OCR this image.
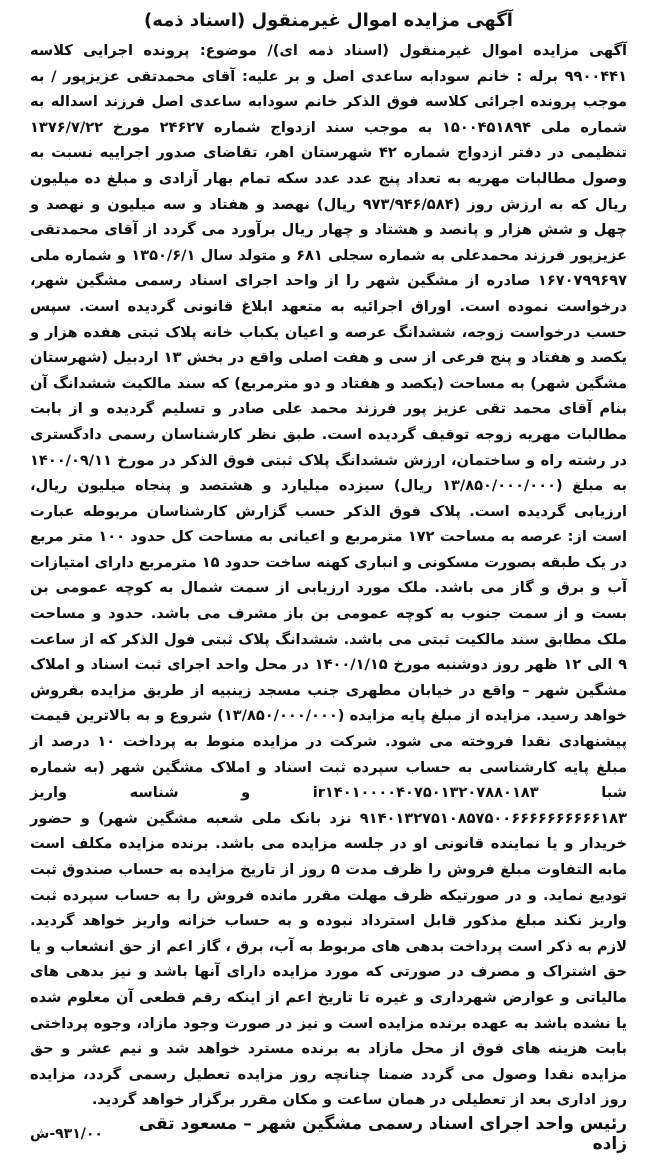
آگهی مزایده اموال غیرمنقول (اسناد ذمه)

آگهی مزایده اموال غیرمنقول (اسناد ذمه ای)/ موضوع: پرونده اجرایی کلاسه ۹۹۰۰۴۴۱ برله : خانم سودابه ساعدی اصل و بر علیه: آقای محمدتقی عزیزپور / به موجب پرونده اجرائی کلاسه فوق الذکر خانم سودابه ساعدی اصل فرزند اسداله به شماره ملی ۱۵۰۰۴۵۱۸۹۴ به موجب سند ازدواج شماره ۲۴۶۲۷ مورخ ۱۳۷۶/۷/۲۲ تنظیمی در دفتر ازدواج شماره ۴۲ شهرستان اهر، تقاضای صدور اجراییه نسبت به وصول مطالبات مهریه به تعداد پنج عدد عدد سکه تمام بهار آزادی و مبلغ ده میلیون ریال که به ارزش روز (۹۷۳/۹۴۶/۵۸۴ ریال) نهصد و هفتاد و سه میلیون و نهصد و چهل و شش هزار و پانصد و هشتاد و چهار ریال برآورد می گردد از آقای محمدتقی عزیزپور فرزند محمدعلی به شماره سجلی ۶۸۱ و متولد سال ۱۳۵۰/۶/۱ و شماره ملی ۱۶۷۰۷۹۹۶۹۷ صادره از مشگین شهر را از واحد اجرای اسناد رسمی مشگین شهر، درخواست نموده است. اوراق اجرائیه به متعهد ابلاغ قانونی گردیده است. سپس حسب درخواست زوجه، ششدانگ عرصه و اعیان یکباب خانه پلاک ثبتی هفده هزار و یکصد و هفتاد و پنج فرعی از سی و هفت اصلی واقع در بخش ۱۳ اردبیل (شهرستان مشگین شهر) به مساحت (یکصد و هفتاد و دو مترمربع) که سند مالکیت ششدانگ آن بنام آقای محمد تقی عزیز پور فرزند محمد علی صادر و تسلیم گردیده و از بابت مطالبات مهریه زوجه توقیف گردیده است. طبق نظر کارشناسان رسمی دادگستری در رشته راه و ساختمان، ارزش ششدانگ پلاک ثبتی فوق الذکر در مورخ ۱۴۰۰/۰۹/۱۱ به مبلغ (۱۳/۸۵۰/۰۰۰/۰۰۰ ریال) سیزده میلیارد و هشتصد و پنجاه میلیون ریال، ارزیابی گردیده است. پلاک فوق الذکر حسب گزارش کارشناسان مربوطه عبارت است از: عرصه به مساحت ۱۷۲ مترمربع و اعیانی به مساحت کل حدود ۱۰۰ متر مربع در یک طبقه بصورت مسکونی و انباری کهنه ساخت حدود ۱۵ مترمربع دارای امتیازات آب و برق و گاز می باشد. ملک مورد ارزیابی از سمت شمال به کوچه عمومی بن بست و از سمت جنوب به کوچه عمومی بن باز مشرف می باشد. حدود و مساحت ملک مطابق سند مالکیت ثبتی می باشد. ششدانگ پلاک ثبتی فول الذکر که از ساعت ۹ الی ۱۲ ظهر روز دوشنبه مورخ ۱۴۰۰/۱/۱۵ در محل واحد اجرای ثبت اسناد و املاک مشگین شهر – واقع در خیابان مطهری جنب مسجد زینبیه از طریق مزایده بفروش خواهد رسید. مزایده از مبلغ پایه مزایده (۱۳/۸۵۰/۰۰۰/۰۰۰) شروع و به بالاترین قیمت پیشنهادی نقدا فروخته می شود. شرکت در مزایده منوط به پرداخت ۱۰ درصد از مبلغ پایه کارشناسی به حساب سپرده ثبت اسناد و املاک مشگین شهر (به شماره شبا ir۱۴۰۱۰۰۰۰۴۰۷۵۰۱۳۲۰۷۸۸۰۱۸۳ و شناسه واریز ۹۱۴۰۱۳۲۷۵۱۰۸۵۷۵۰۰۶۶۶۶۶۶۶۶۶۶۱۸۳ نزد بانک ملی شعبه مشگین شهر) و حضور خریدار و یا نماینده قانونی او در جلسه مزایده می باشد. برنده مزایده مکلف است مابه التفاوت مبلغ فروش را ظرف مدت ۵ روز از تاریخ مزایده به حساب صندوق ثبت تودیع نماید. و در صورتیکه ظرف مهلت مقرر مانده فروش را به حساب سپرده ثبت واریز نکند مبلغ مذکور قابل استرداد نبوده و به حساب خزانه واریز خواهد گردید. لازم به ذکر است پرداخت بدهی های مربوط به آب، برق ، گاز اعم از حق انشعاب و یا حق اشتراک و مصرف در صورتی که مورد مزایده دارای آنها باشد و نیز بدهی های مالیاتی و عوارض شهرداری و غیره تا تاریخ اعم از اینکه رقم قطعی آن معلوم شده یا نشده باشد به عهده برنده مزایده است و نیز در صورت وجود مازاد، وجوه پرداختی بابت هزینه های فوق از محل مازاد به برنده مسترد خواهد شد و نیم عشر و حق مزایده نقدا وصول می گردد ضمنا چنانچه روز مزایده تعطیل رسمی گردد، مزایده روز اداری بعد از تعطیلی در همان ساعت و مکان مقرر برگزار خواهد گردید.

رئیس واحد اجرای اسناد رسمی مشگین شهر – مسعود تقی زاده
۹۳۱/۰۰-ش
